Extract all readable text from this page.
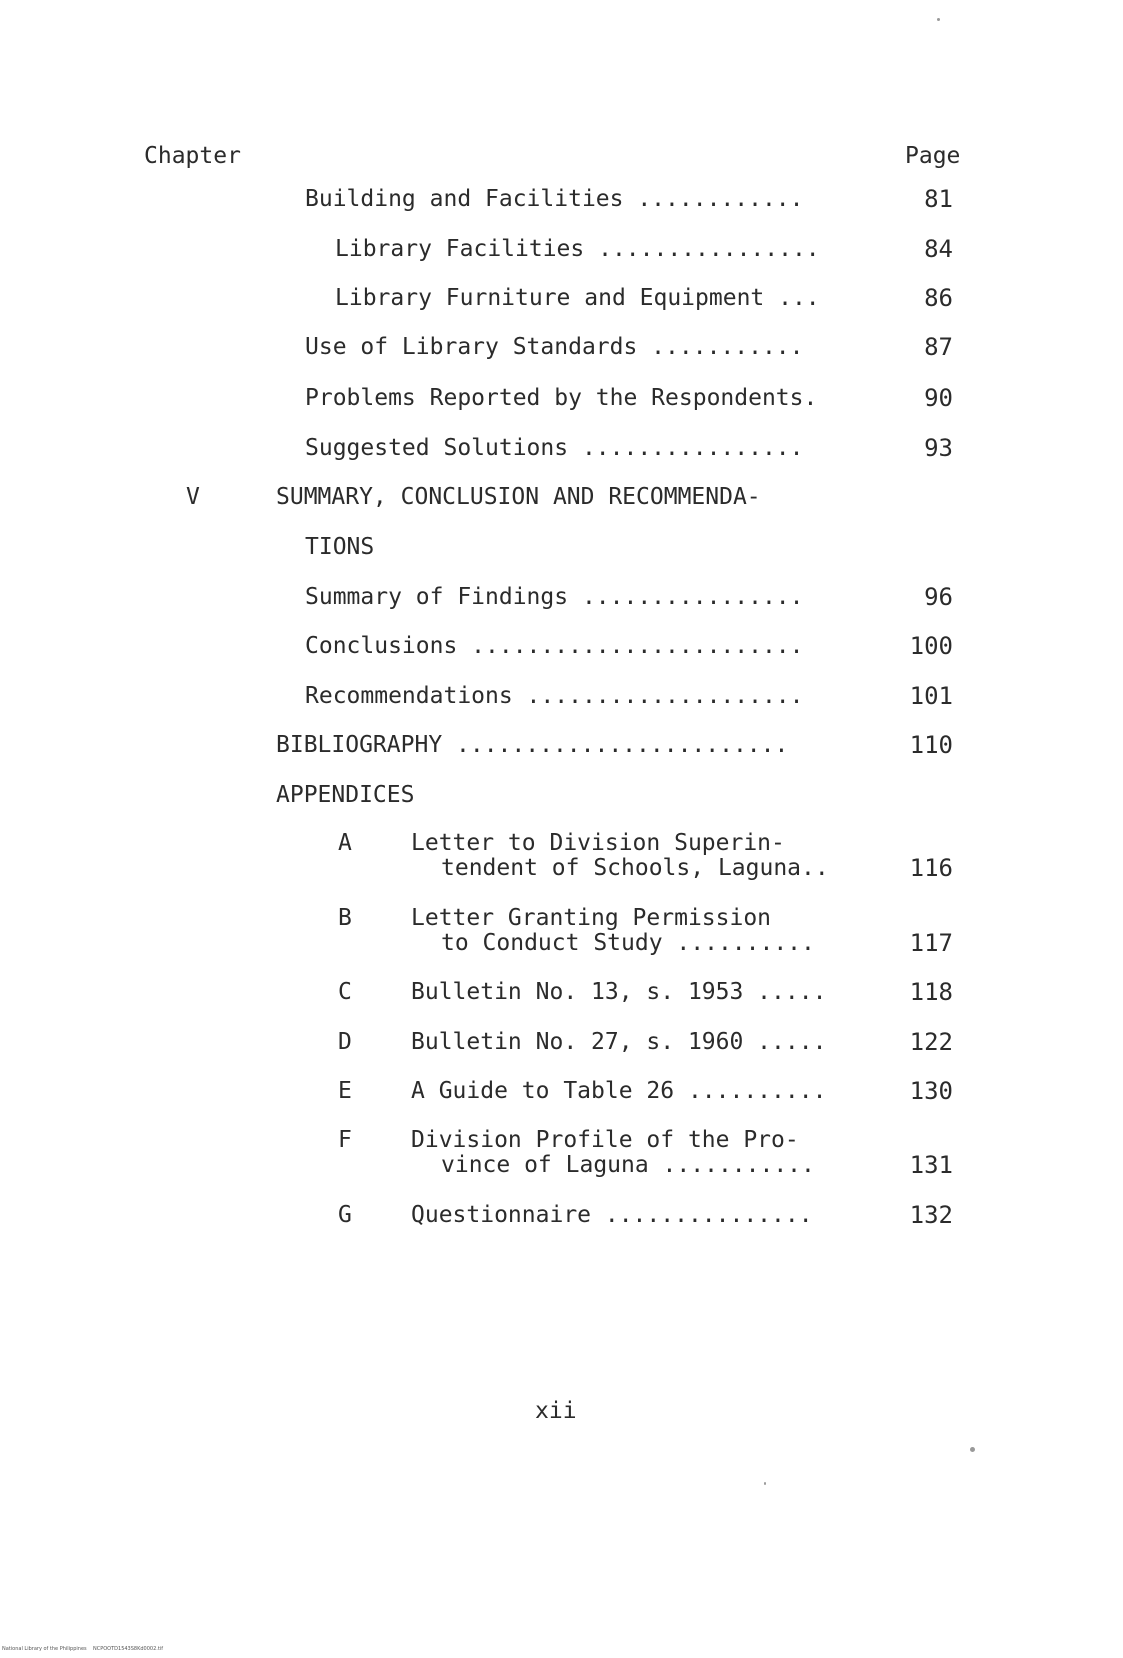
Chapter	Page
Building and Facilities ............	81
Library Facilities ................	84
Library Furniture and Equipment ...	86
Use of Library Standards ...........	87
Problems Reported by the Respondents.	90
Suggested Solutions ................	93
V	SUMMARY, CONCLUSION AND RECOMMENDA-
TIONS
Summary of Findings ................	96
Conclusions ........................	100
Recommendations ....................	101
BIBLIOGRAPHY ........................	110
APPENDICES
A	Letter to Division Superin-
tendent of Schools, Laguna..	116
B	Letter Granting Permission
to Conduct Study ..........	117
C	Bulletin No. 13, s. 1953 .....	118
D	Bulletin No. 27, s. 1960 .....	122
E	A Guide to Table 26 ..........	130
F	Division Profile of the Pro-
vince of Laguna ...........	131
G	Questionnaire ...............	132
xii
National Library of the Philippines    NCPOOTD1543S8Kd0002.tif
